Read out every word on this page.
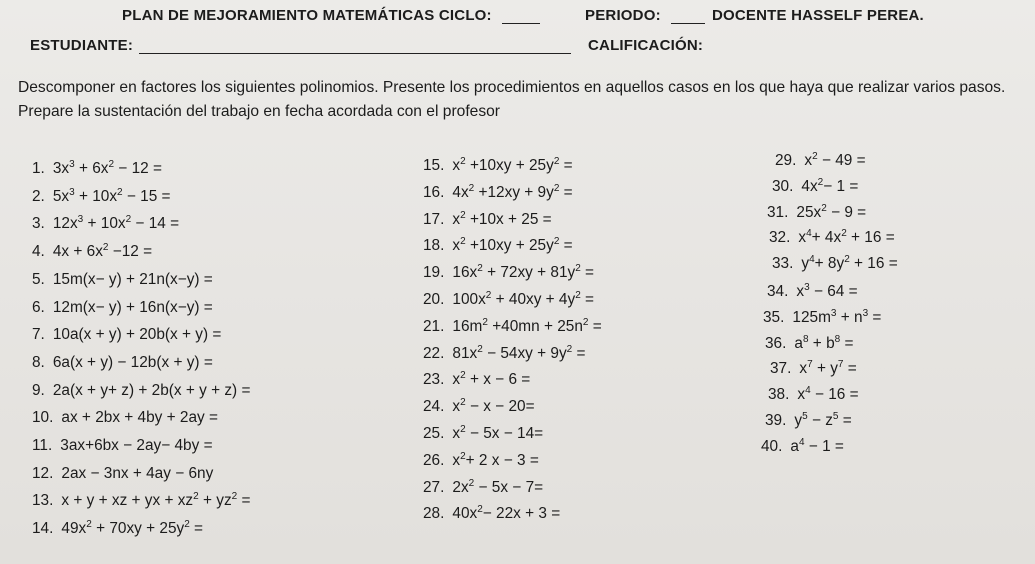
PLAN DE MEJORAMIENTO MATEMÁTICAS CICLO:	PERIODO:	DOCENTE HASSELF PEREA.
ESTUDIANTE:	CALIFICACIÓN:
Descomponer en factores los siguientes polinomios. Presente los procedimientos en aquellos casos en los que haya que realizar varios pasos. Prepare la sustentación del trabajo en fecha acordada con el profesor
1. $3x^3 + 6x^2 - 12$ =
2. $5x^3 + 10x^2 - 15$ =
3. $12x^3 + 10x^2 - 14$ =
4. $4x + 6x^2 -12$ =
5. 15m(x− y) + 21n(x−y) =
6. 12m(x− y) + 16n(x−y) =
7. 10a(x + y) + 20b(x + y) =
8. 6a(x + y) − 12b(x + y) =
9. 2a(x + y+ z) + 2b(x + y + z) =
10. ax + 2bx + 4by + 2ay =
11. 3ax+6bx − 2ay− 4by =
12. 2ax − 3nx + 4ay − 6ny
13. x + y + xz + yx + $xz^2 + yz^2$ =
14. $49x^2 + 70xy + 25y^2$ =
15. $x^2 +10xy + 25y^2$ =
16. $4x^2 +12xy + 9y^2$ =
17. $x^2 +10x + 25$ =
18. $x^2 +10xy + 25y^2$ =
19. $16x^2 + 72xy + 81y^2$ =
20. $100x^2 + 40xy + 4y^2$ =
21. $16m^2 +40mn + 25n^2$ =
22. $81x^2 - 54xy + 9y^2$ =
23. $x^2 + x - 6$ =
24. $x^2 - x - 20=$
25. $x^2 - 5x - 14=$
26. $x^2+ 2$ x − 3 =
27. $2x^2 - 5x - 7=$
28. $40x^2- 22x + 3$ =
29. $x^2 - 49$ =
30. $4x^2- 1$ =
31. $25x^2 - 9$ =
32. $x^4+ 4x^2 + 16$ =
33. $y^4+ 8y^2 + 16$ =
34. $x^3 - 64$ =
35. $125m^3 + n^3$ =
36. $a^8 + b^8$ =
37. $x^7 + y^7$ =
38. $x^4 - 16$ =
39. $y^5 - z^5$ =
40. $a^4 - 1$ =
